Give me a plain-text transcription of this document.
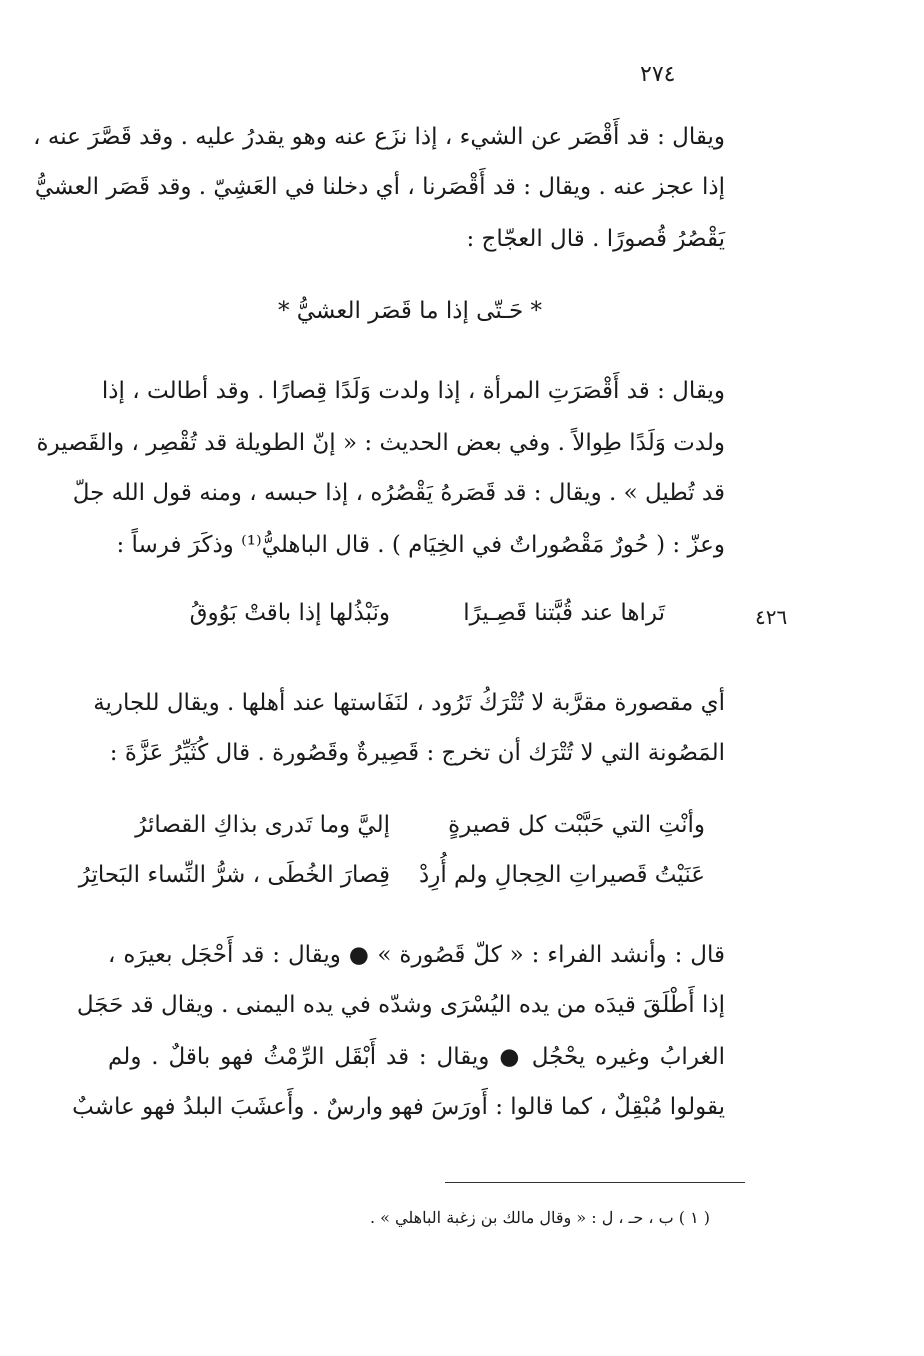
٢٧٤
ويقال : قد أَقْصَر عن الشيء ، إذا نزَع عنه وهو يقدرُ عليه . وقد قَصَّرَ عنه ،
إذا عجز عنه . ويقال : قد أَقْصَرنا ، أي دخلنا في العَشِيّ . وقد قَصَر العشيُّ
يَقْصُرُ قُصورًا . قال العجّاج :
* حَـتّى إذا ما قَصَر العشيُّ *
ويقال : قد أَقْصَرَتِ المرأة ، إذا ولدت وَلَدًا قِصارًا . وقد أطالت ، إذا
ولدت وَلَدًا طِوالاً . وفي بعض الحديث : « إنّ الطويلة قد تُقْصِر ، والقَصيرة
قد تُطيل » . ويقال : قد قَصَرهُ يَقْصُرُه ، إذا حبسه ، ومنه قول الله جلّ
وعزّ : ( حُورٌ مَقْصُوراتٌ في الخِيَام ) . قال الباهليُّ⁽¹⁾ وذكَرَ فرساً :
تَراها عند قُبَّتنا قَصِـيرًا
ونَبْذُلها إذا باقتْ بَوُوقُ	٤٢٦
أي مقصورة مقرَّبة لا تُتْرَكُ تَرُود ، لنَفَاستها عند أهلها . ويقال للجارية
المَصُونة التي لا تُتْرَك أن تخرج : قَصِيرةٌ وقَصُورة . قال كُثَيِّرُ عَزَّةَ :
وأنْتِ التي حَبَّبْت كل قصيرةٍ
إليَّ وما تَدرى بذاكِ القصائرُ
عَنَيْتُ قَصيراتِ الحِجالِ ولم أُرِدْ
قِصارَ الخُطَى ، شرُّ النِّساء البَحاتِرُ
قال : وأنشد الفراء : « كلّ قَصُورة » ● ويقال : قد أَحْجَل بعيرَه ،
إذا أَطْلَقَ قيدَه من يده اليُسْرَى وشدّه في يده اليمنى . ويقال قد حَجَل
الغرابُ وغيره يحْجُل ● ويقال : قد أَبْقَل الرِّمْثُ فهو باقلٌ . ولم
يقولوا مُبْقِلٌ ، كما قالوا : أَورَسَ فهو وارسٌ . وأَعشَبَ البلدُ فهو عاشبٌ
( ١ ) ب ، حـ ، ل : « وقال مالك بن زغبة الباهلي » .
